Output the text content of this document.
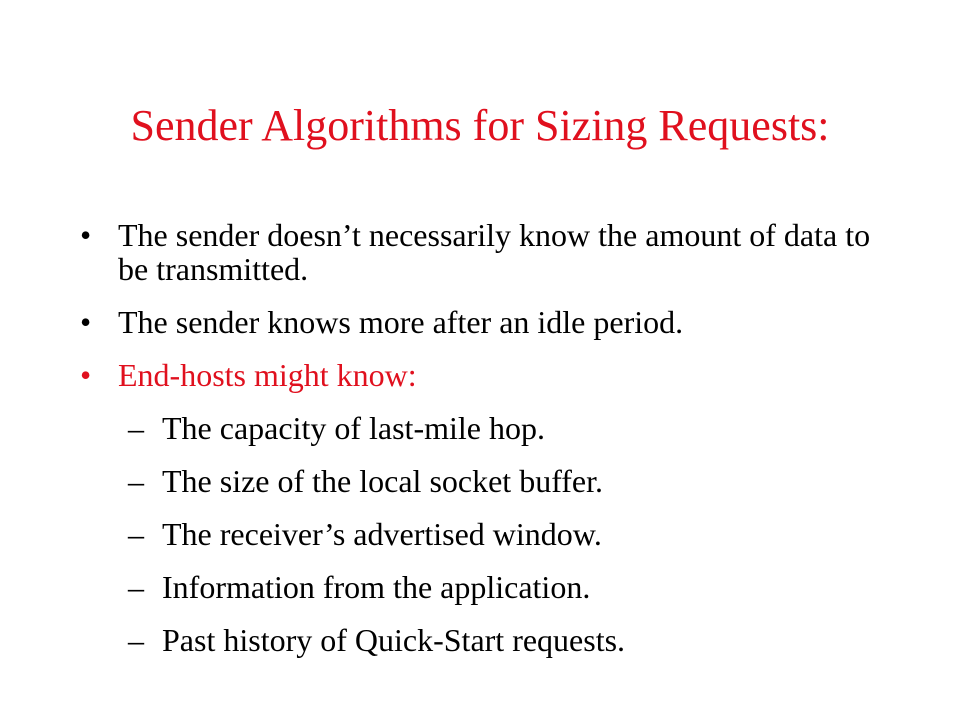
Sender Algorithms for Sizing Requests:
• The sender doesn’t necessarily know the amount of data to be transmitted.
• The sender knows more after an idle period.
• End-hosts might know:
– The capacity of last-mile hop.
– The size of the local socket buffer.
– The receiver’s advertised window.
– Information from the application.
– Past history of Quick-Start requests.
